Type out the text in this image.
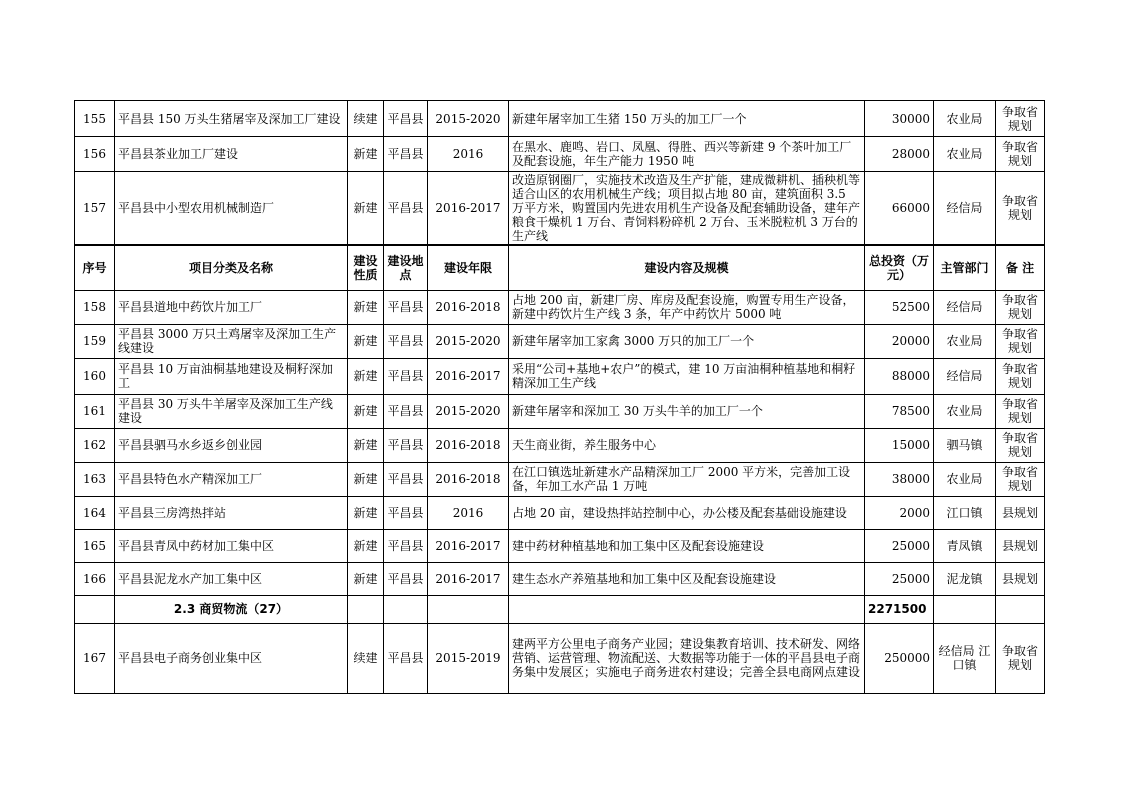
155	平昌县 150 万头生猪屠宰及深加工厂建设	续建	平昌县	2015-2020	新建年屠宰加工生猪 150 万头的加工厂一个	30000	农业局	争取省规划
156	平昌县茶业加工厂建设	新建	平昌县	2016	在黑水、鹿鸣、岩口、凤凰、得胜、西兴等新建 9 个茶叶加工厂及配套设施，年生产能力 1950 吨	28000	农业局	争取省规划
157	平昌县中小型农用机械制造厂	新建	平昌县	2016-2017	改造原钢圈厂，实施技术改造及生产扩能，建成微耕机、插秧机等适合山区的农用机械生产线；项目拟占地 80 亩，建筑面积 3.5 万平方米，购置国内先进农用机生产设备及配套辅助设备，建年产粮食干燥机 1 万台、青饲料粉碎机 2 万台、玉米脱粒机 3 万台的生产线	66000	经信局	争取省规划
序号	项目分类及名称	建设性质	建设地点	建设年限	建设内容及规模	总投资（万元）	主管部门	备 注
158	平昌县道地中药饮片加工厂	新建	平昌县	2016-2018	占地 200 亩，新建厂房、库房及配套设施，购置专用生产设备，新建中药饮片生产线 3 条，年产中药饮片 5000 吨	52500	经信局	争取省规划
159	平昌县 3000 万只土鸡屠宰及深加工生产线建设	新建	平昌县	2015-2020	新建年屠宰加工家禽 3000 万只的加工厂一个	20000	农业局	争取省规划
160	平昌县 10 万亩油桐基地建设及桐籽深加工	新建	平昌县	2016-2017	采用“公司+基地+农户”的模式，建 10 万亩油桐种植基地和桐籽精深加工生产线	88000	经信局	争取省规划
161	平昌县 30 万头牛羊屠宰及深加工生产线建设	新建	平昌县	2015-2020	新建年屠宰和深加工 30 万头牛羊的加工厂一个	78500	农业局	争取省规划
162	平昌县驷马水乡返乡创业园	新建	平昌县	2016-2018	天生商业街，养生服务中心	15000	驷马镇	争取省规划
163	平昌县特色水产精深加工厂	新建	平昌县	2016-2018	在江口镇选址新建水产品精深加工厂 2000 平方米，完善加工设备，年加工水产品 1 万吨	38000	农业局	争取省规划
164	平昌县三房湾热拌站	新建	平昌县	2016	占地 20 亩，建设热拌站控制中心，办公楼及配套基础设施建设	2000	江口镇	县规划
165	平昌县青凤中药材加工集中区	新建	平昌县	2016-2017	建中药材种植基地和加工集中区及配套设施建设	25000	青凤镇	县规划
166	平昌县泥龙水产加工集中区	新建	平昌县	2016-2017	建生态水产养殖基地和加工集中区及配套设施建设	25000	泥龙镇	县规划
	2.3 商贸物流（27）					2271500		
167	平昌县电子商务创业集中区	续建	平昌县	2015-2019	建两平方公里电子商务产业园；建设集教育培训、技术研发、网络营销、运营管理、物流配送、大数据等功能于一体的平昌县电子商务集中发展区；实施电子商务进农村建设；完善全县电商网点建设	250000	经信局 江口镇	争取省规划
